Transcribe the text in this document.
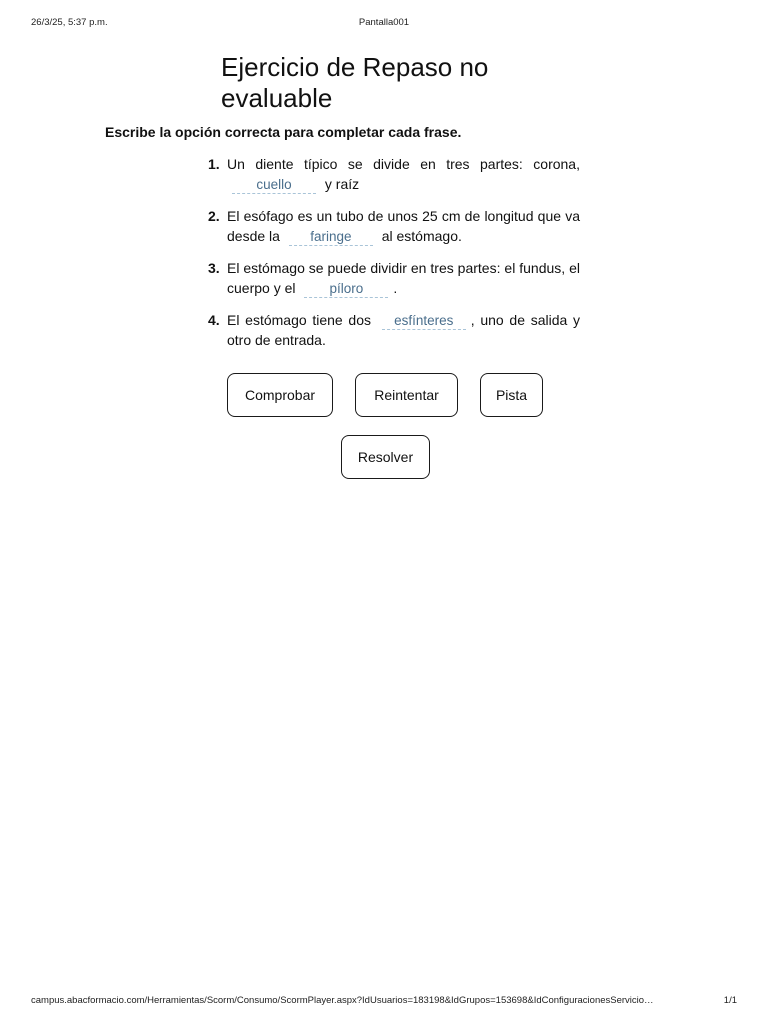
26/3/25, 5:37 p.m.	Pantalla001
Ejercicio de Repaso no evaluable

Escribe la opción correcta para completar cada frase.

1. Un diente típico se divide en tres partes: corona, cuello y raíz
2. El esófago es un tubo de unos 25 cm de longitud que va desde la faringe	al estómago.
3. El estómago se puede dividir en tres partes: el fundus, el cuerpo y el píloro	.
4. El estómago tiene dos esfínteres	, uno de salida y otro de entrada.
Comprobar	Reintentar	Pista
Resolver
campus.abacformacio.com/Herramientas/Scorm/Consumo/ScormPlayer.aspx?IdUsuarios=183198&IdGrupos=153698&IdConfiguracionesServicio…	1/1
